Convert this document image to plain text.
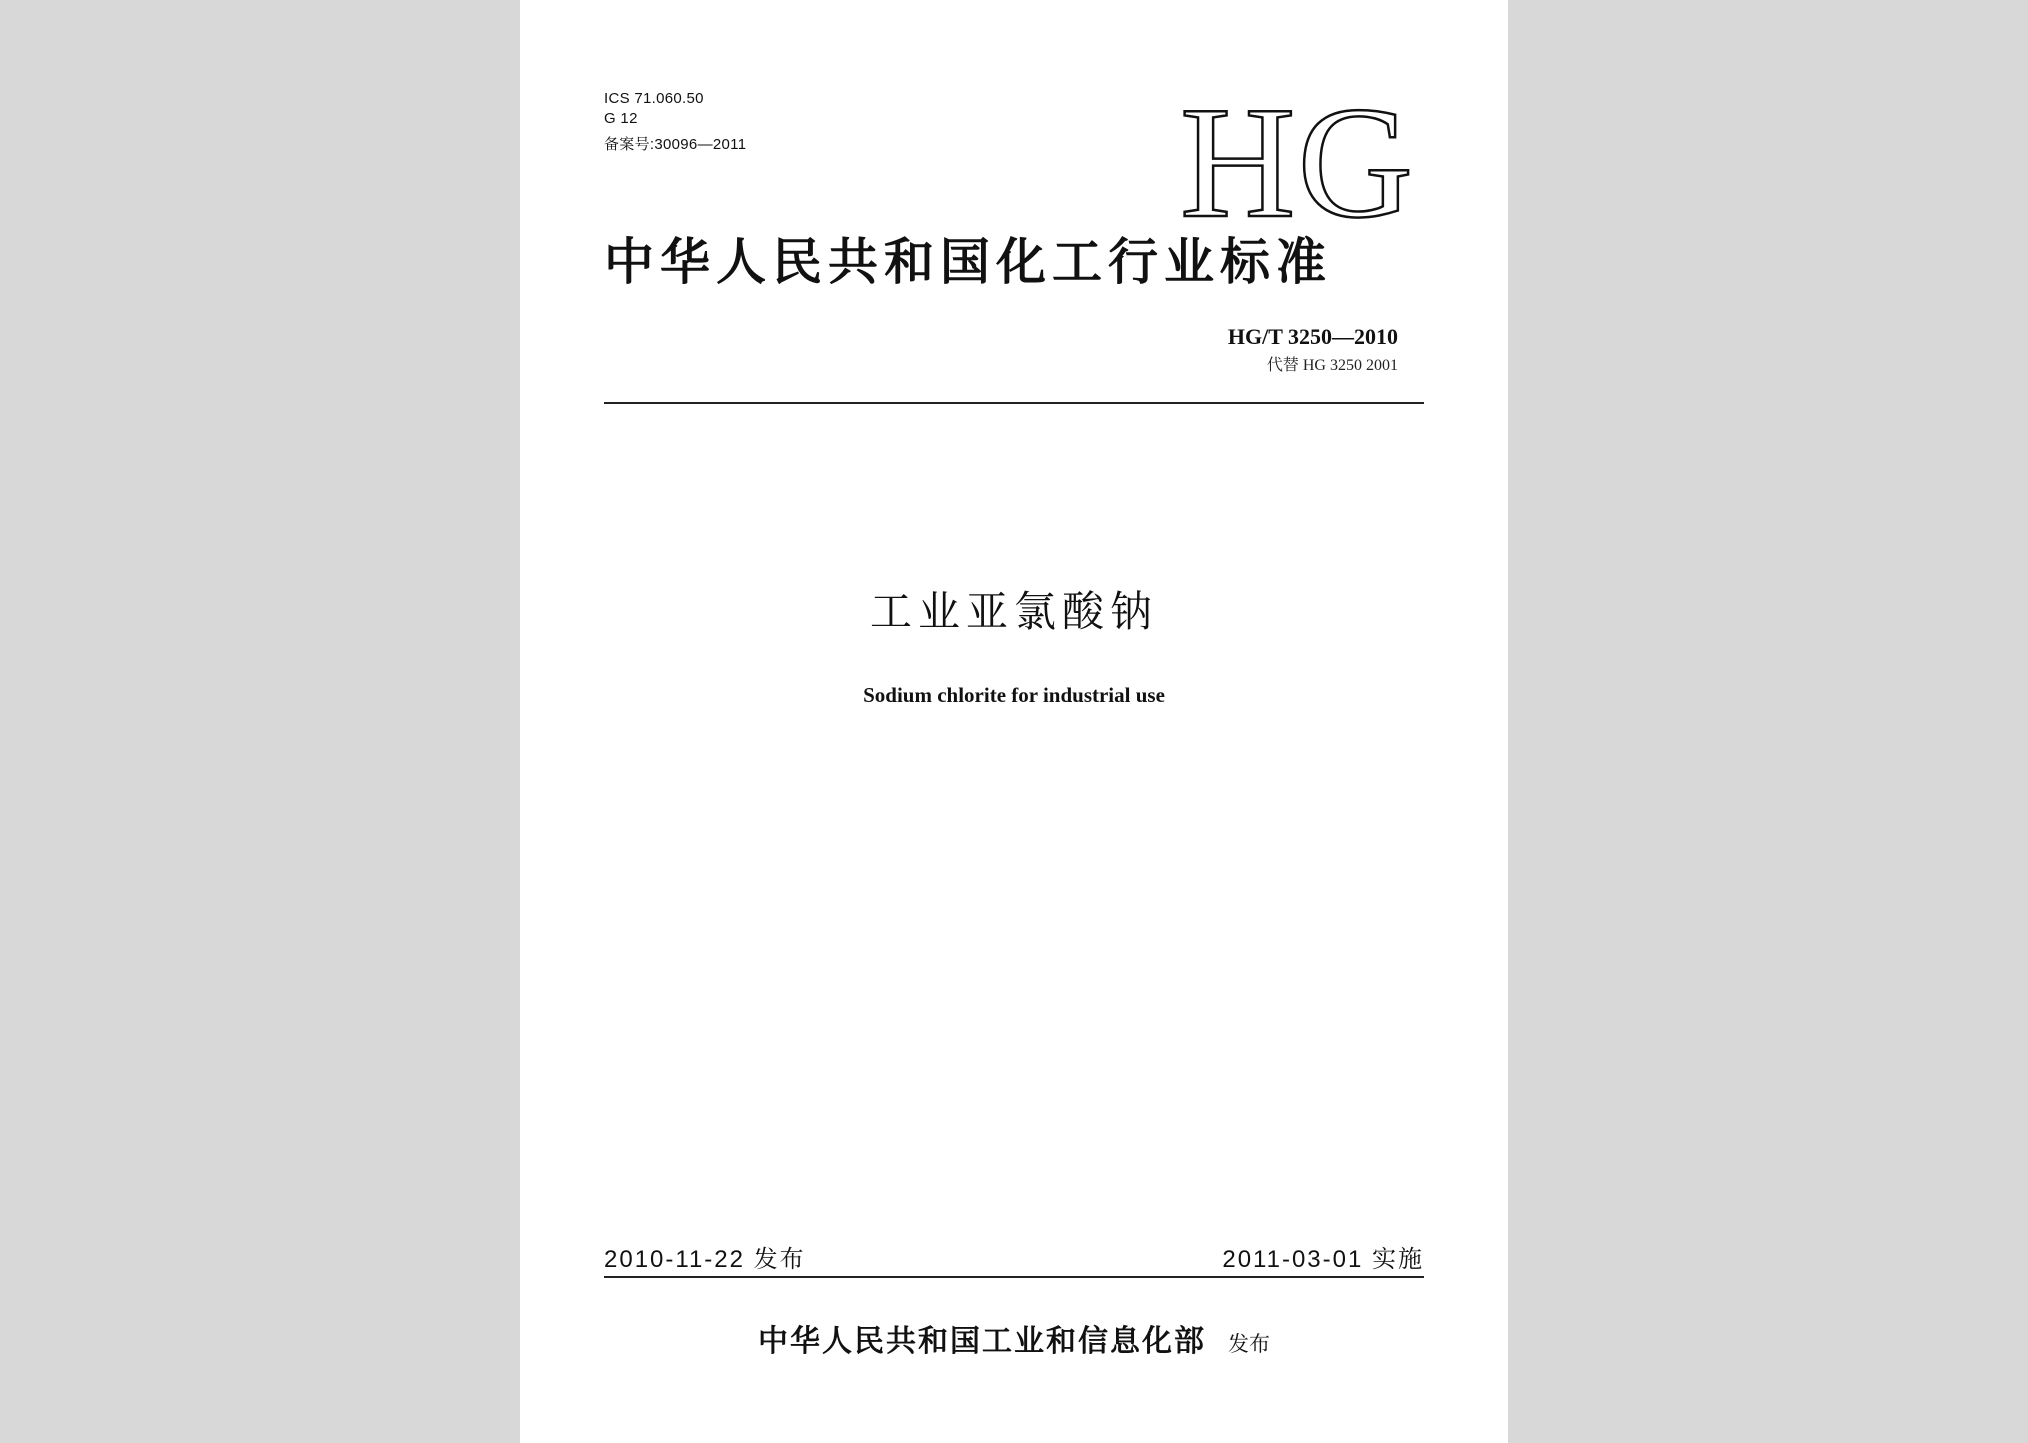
ICS 71.060.50
G 12
备案号:30096—2011	HG
中华人民共和国化工行业标准
HG/T 3250—2010
代替 HG 3250 2001
工业亚氯酸钠
Sodium chlorite for industrial use
2010-11-22 发布	2011-03-01 实施
中华人民共和国工业和信息化部 发布
